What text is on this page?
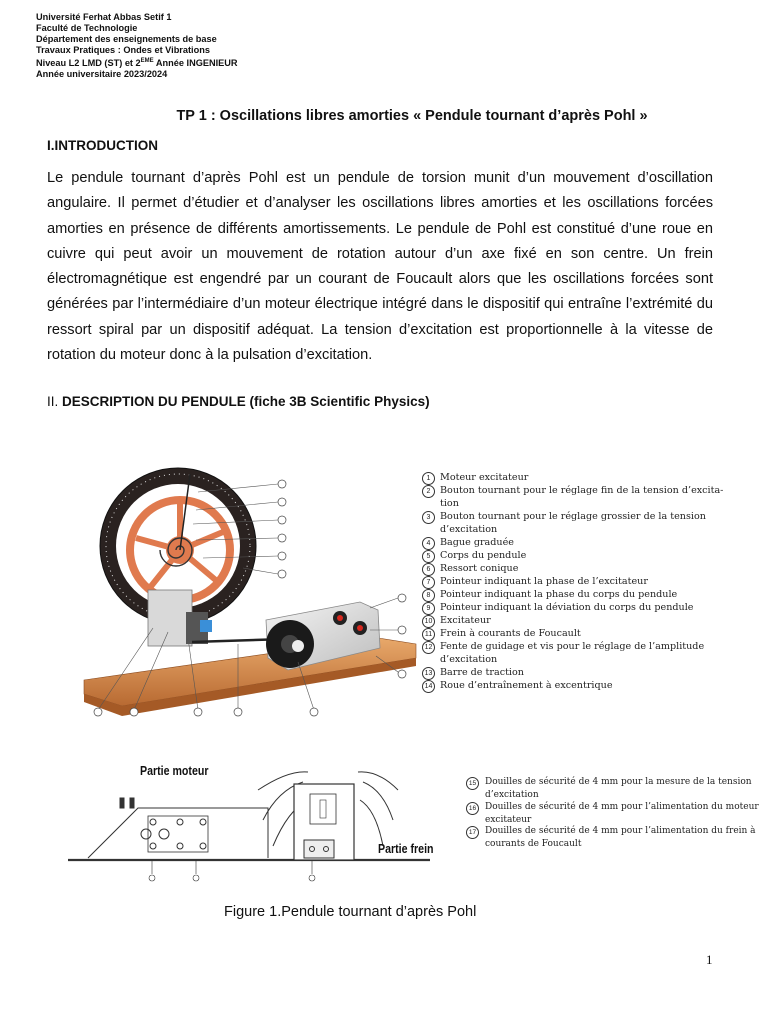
Université Ferhat Abbas Setif 1
Faculté de Technologie
Département des enseignements de base
Travaux Pratiques : Ondes et Vibrations
Niveau L2 LMD (ST) et 2EME Année INGENIEUR
Année universitaire 2023/2024
TP 1 : Oscillations libres amorties « Pendule tournant d’après Pohl »
I.INTRODUCTION

Le pendule tournant d’après Pohl est un pendule de torsion munit d’un mouvement d’oscillation angulaire. Il permet d’étudier et d’analyser les oscillations libres amorties et les oscillations forcées amorties en présence de différents amortissements. Le pendule de Pohl est constitué d’une roue en cuivre qui peut avoir un mouvement de rotation autour d’un axe fixé en son centre. Un frein électromagnétique est engendré par un courant de Foucault alors que les oscillations forcées sont générées par l’intermédiaire d’un moteur électrique intégré dans le dispositif qui entraîne l’extrémité du ressort spiral par un dispositif adéquat. La tension d’excitation est proportionnelle à la vitesse de rotation du moteur donc à la pulsation d’excitation.

II. DESCRIPTION DU PENDULE (fiche 3B Scientific Physics)
1 Moteur excitateur
2 Bouton tournant pour le réglage fin de la tension d’excita-
tion
3 Bouton tournant pour le réglage grossier de la tension
d’excitation
4 Bague graduée
5 Corps du pendule
6 Ressort conique
7 Pointeur indiquant la phase de l’excitateur
8 Pointeur indiquant la phase du corps du pendule
9 Pointeur indiquant la déviation du corps du pendule
10 Excitateur
11 Frein à courants de Foucault
12 Fente de guidage et vis pour le réglage de l’amplitude
d’excitation
13 Barre de traction
14 Roue d’entraînement à excentrique
Partie moteur
Partie frein
15 Douilles de sécurité de 4 mm pour la mesure de la tension
d’excitation
16 Douilles de sécurité de 4 mm pour l’alimentation du moteur
excitateur
17 Douilles de sécurité de 4 mm pour l’alimentation du frein à
courants de Foucault
Figure 1.Pendule tournant d’après Pohl
1
